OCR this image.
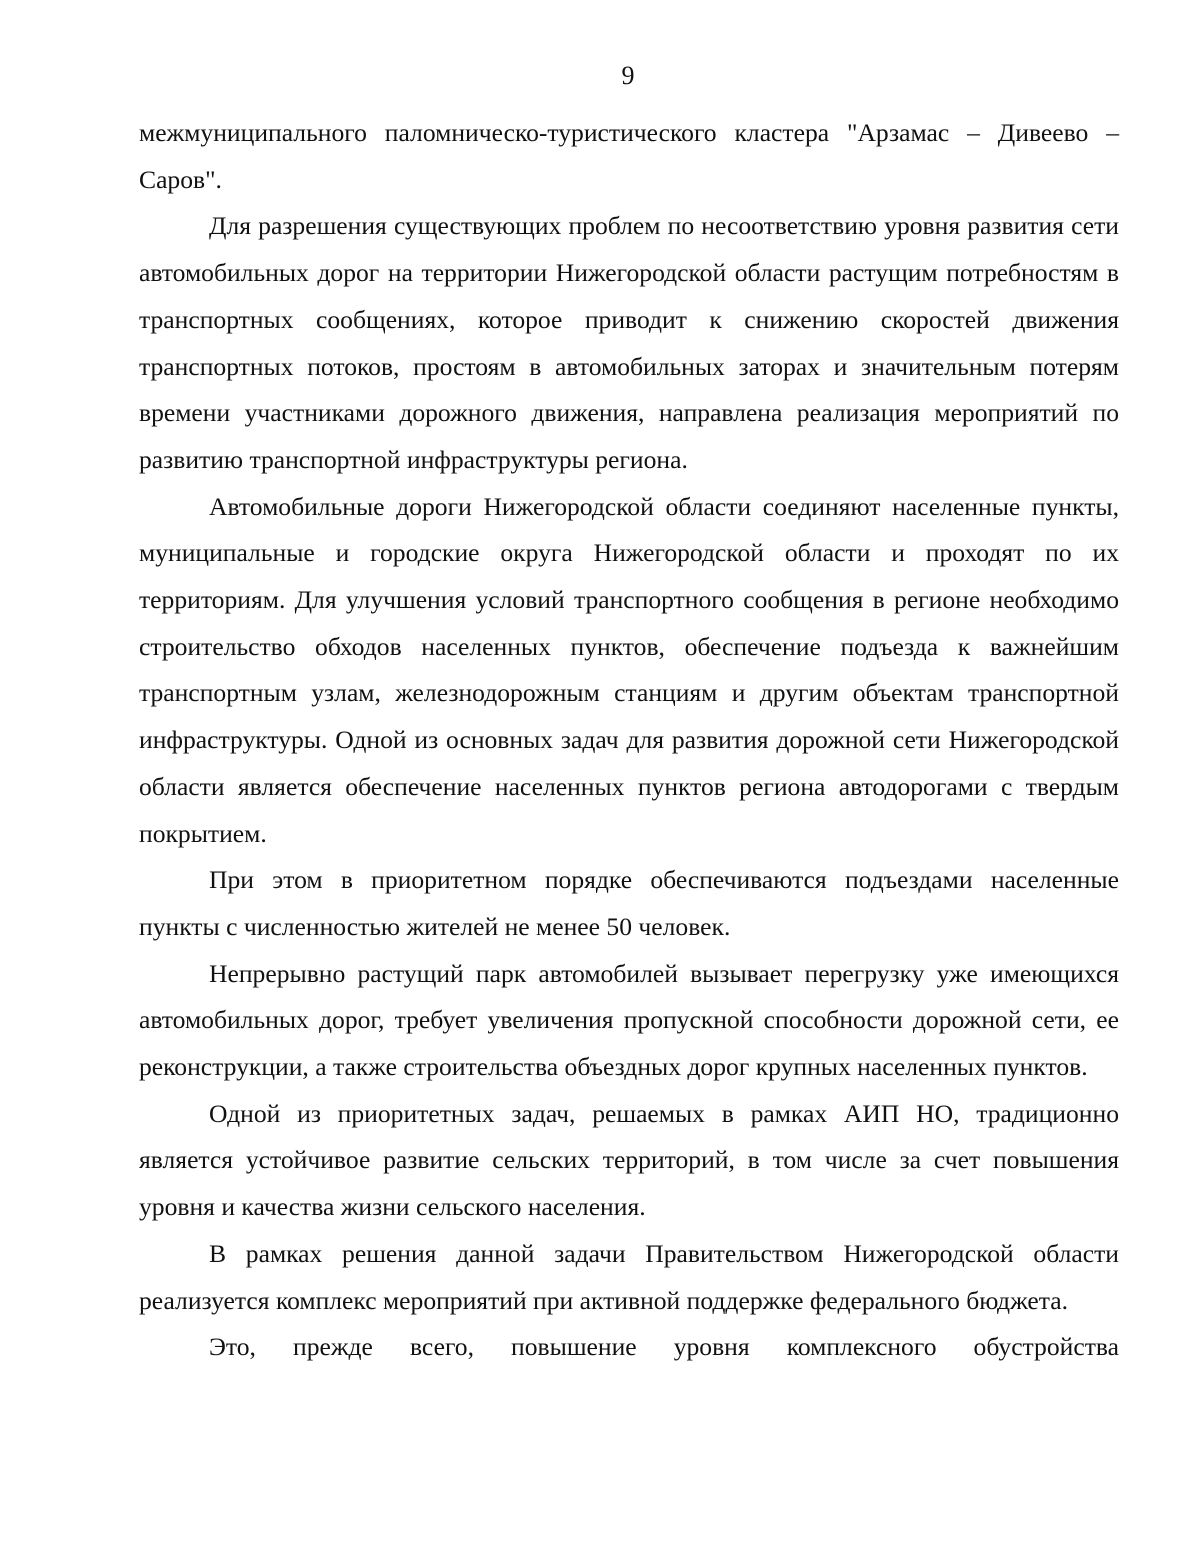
9

межмуниципального паломническо-туристического кластера "Арзамас – Дивеево – Саров".

Для разрешения существующих проблем по несоответствию уровня развития сети автомобильных дорог на территории Нижегородской области растущим потребностям в транспортных сообщениях, которое приводит к снижению скоростей движения транспортных потоков, простоям в автомобильных заторах и значительным потерям времени участниками дорожного движения, направлена реализация мероприятий по развитию транспортной инфраструктуры региона.

Автомобильные дороги Нижегородской области соединяют населенные пункты, муниципальные и городские округа Нижегородской области и проходят по их территориям. Для улучшения условий транспортного сообщения в регионе необходимо строительство обходов населенных пунктов, обеспечение подъезда к важнейшим транспортным узлам, железнодорожным станциям и другим объектам транспортной инфраструктуры. Одной из основных задач для развития дорожной сети Нижегородской области является обеспечение населенных пунктов региона автодорогами с твердым покрытием.

При этом в приоритетном порядке обеспечиваются подъездами населенные пункты с численностью жителей не менее 50 человек.

Непрерывно растущий парк автомобилей вызывает перегрузку уже имеющихся автомобильных дорог, требует увеличения пропускной способности дорожной сети, ее реконструкции, а также строительства объездных дорог крупных населенных пунктов.

Одной из приоритетных задач, решаемых в рамках АИП НО, традиционно является устойчивое развитие сельских территорий, в том числе за счет повышения уровня и качества жизни сельского населения.

В рамках решения данной задачи Правительством Нижегородской области реализуется комплекс мероприятий при активной поддержке федерального бюджета.

Это, прежде всего, повышение уровня комплексного обустройства
